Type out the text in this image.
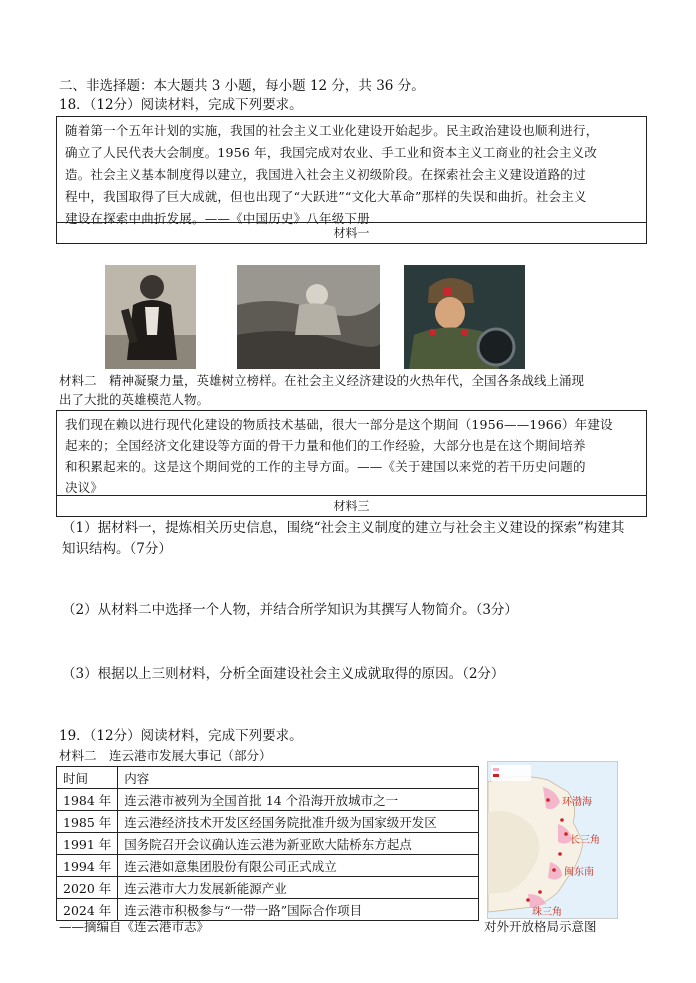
二、非选择题：本大题共 3 小题，每小题 12 分，共 36 分。
18．（12分）阅读材料，完成下列要求。
随着第一个五年计划的实施，我国的社会主义工业化建设开始起步。民主政治建设也顺利进行，
确立了人民代表大会制度。1956 年，我国完成对农业、手工业和资本主义工商业的社会主义改
造。社会主义基本制度得以建立，我国进入社会主义初级阶段。在探索社会主义建设道路的过
程中，我国取得了巨大成就，但也出现了“大跃进”“文化大革命”那样的失误和曲折。社会主义
建设在探索中曲折发展。——《中国历史》八年级下册
材料一
材料二　精神凝聚力量，英雄树立榜样。在社会主义经济建设的火热年代，全国各条战线上涌现
出了大批的英雄模范人物。
我们现在赖以进行现代化建设的物质技术基础，很大一部分是这个期间（1956——1966）年建设
起来的；全国经济文化建设等方面的骨干力量和他们的工作经验，大部分也是在这个期间培养
和积累起来的。这是这个期间党的工作的主导方面。——《关于建国以来党的若干历史问题的
决议》
材料三
（1）据材料一，提炼相关历史信息，围绕“社会主义制度的建立与社会主义建设的探索”构建其
知识结构。（7分）
（2）从材料二中选择一个人物，并结合所学知识为其撰写人物简介。（3分）
（3）根据以上三则材料，分析全面建设社会主义成就取得的原因。（2分）
19．（12分）阅读材料，完成下列要求。
材料二　连云港市发展大事记（部分）
时间	内容
1984 年	连云港市被列为全国首批 14 个沿海开放城市之一
1985 年	连云港经济技术开发区经国务院批准升级为国家级开发区
1991 年	国务院召开会议确认连云港为新亚欧大陆桥东方起点
1994 年	连云港如意集团股份有限公司正式成立
2020 年	连云港市大力发展新能源产业
2024 年	连云港市积极参与“一带一路”国际合作项目
——摘编自《连云港市志》
环渤海
长三角
闽东南
珠三角
对外开放格局示意图
